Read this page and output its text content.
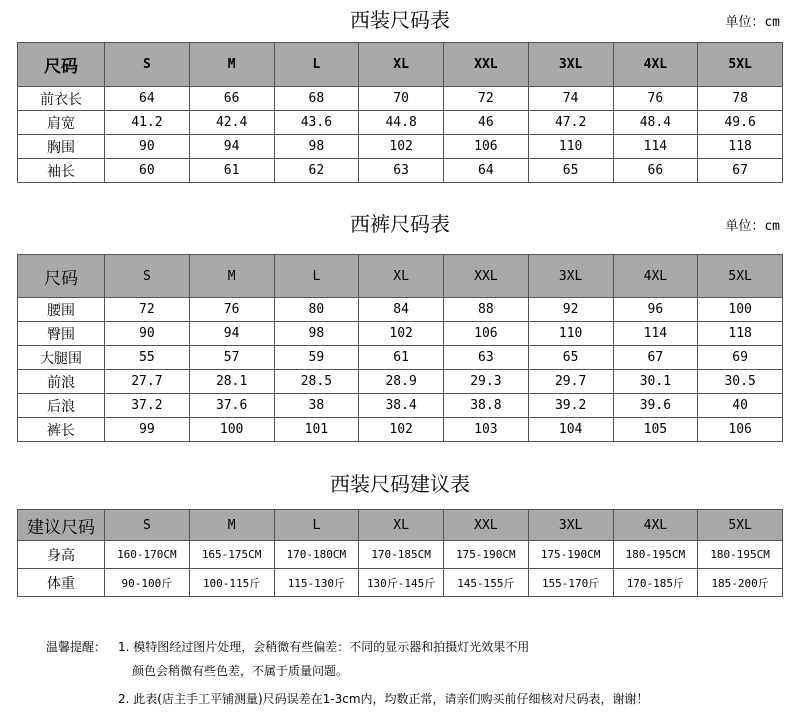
西装尺码表	单位：cm
尺码	S	M	L	XL	XXL	3XL	4XL	5XL
前衣长	64	66	68	70	72	74	76	78
肩宽	41.2	42.4	43.6	44.8	46	47.2	48.4	49.6
胸围	90	94	98	102	106	110	114	118
袖长	60	61	62	63	64	65	66	67
西裤尺码表	单位：cm
尺码	S	M	L	XL	XXL	3XL	4XL	5XL
腰围	72	76	80	84	88	92	96	100
臀围	90	94	98	102	106	110	114	118
大腿围	55	57	59	61	63	65	67	69
前浪	27.7	28.1	28.5	28.9	29.3	29.7	30.1	30.5
后浪	37.2	37.6	38	38.4	38.8	39.2	39.6	40
裤长	99	100	101	102	103	104	105	106
西装尺码建议表
建议尺码	S	M	L	XL	XXL	3XL	4XL	5XL
身高	160-170CM	165-175CM	170-180CM	170-185CM	175-190CM	175-190CM	180-195CM	180-195CM
体重	90-100斤	100-115斤	115-130斤	130斤-145斤	145-155斤	155-170斤	170-185斤	185-200斤
温馨提醒： 1. 模特图经过图片处理，会稍微有些偏差：不同的显示器和拍摄灯光效果不用
颜色会稍微有些色差，不属于质量问题。
2. 此表(店主手工平铺测量)尺码误差在1-3cm内，均数正常，请亲们购买前仔细核对尺码表，谢谢！
